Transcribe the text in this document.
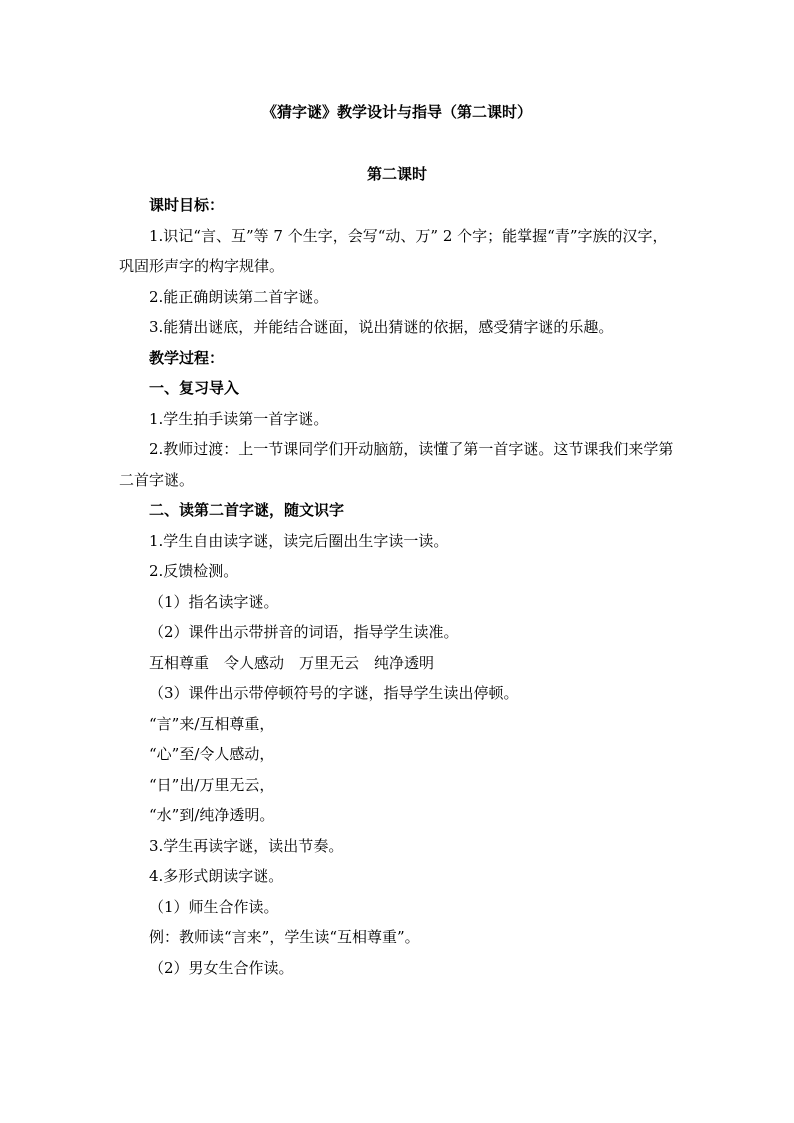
《猜字谜》教学设计与指导（第二课时）
第二课时

课时目标：

1.识记“言、互”等 7 个生字，会写“动、万” 2 个字；能掌握“青”字族的汉字，巩固形声字的构字规律。

2.能正确朗读第二首字谜。

3.能猜出谜底，并能结合谜面，说出猜谜的依据，感受猜字谜的乐趣。

教学过程：

一、复习导入

1.学生拍手读第一首字谜。

2.教师过渡：上一节课同学们开动脑筋，读懂了第一首字谜。这节课我们来学第二首字谜。

二、读第二首字谜，随文识字

1.学生自由读字谜，读完后圈出生字读一读。

2.反馈检测。

（1）指名读字谜。

（2）课件出示带拼音的词语，指导学生读准。

互相尊重　令人感动　万里无云　纯净透明

（3）课件出示带停顿符号的字谜，指导学生读出停顿。

“言”来/互相尊重，

“心”至/令人感动，

“日”出/万里无云，

“水”到/纯净透明。

3.学生再读字谜，读出节奏。

4.多形式朗读字谜。

（1）师生合作读。

例：教师读“言来”，学生读“互相尊重”。

（2）男女生合作读。
